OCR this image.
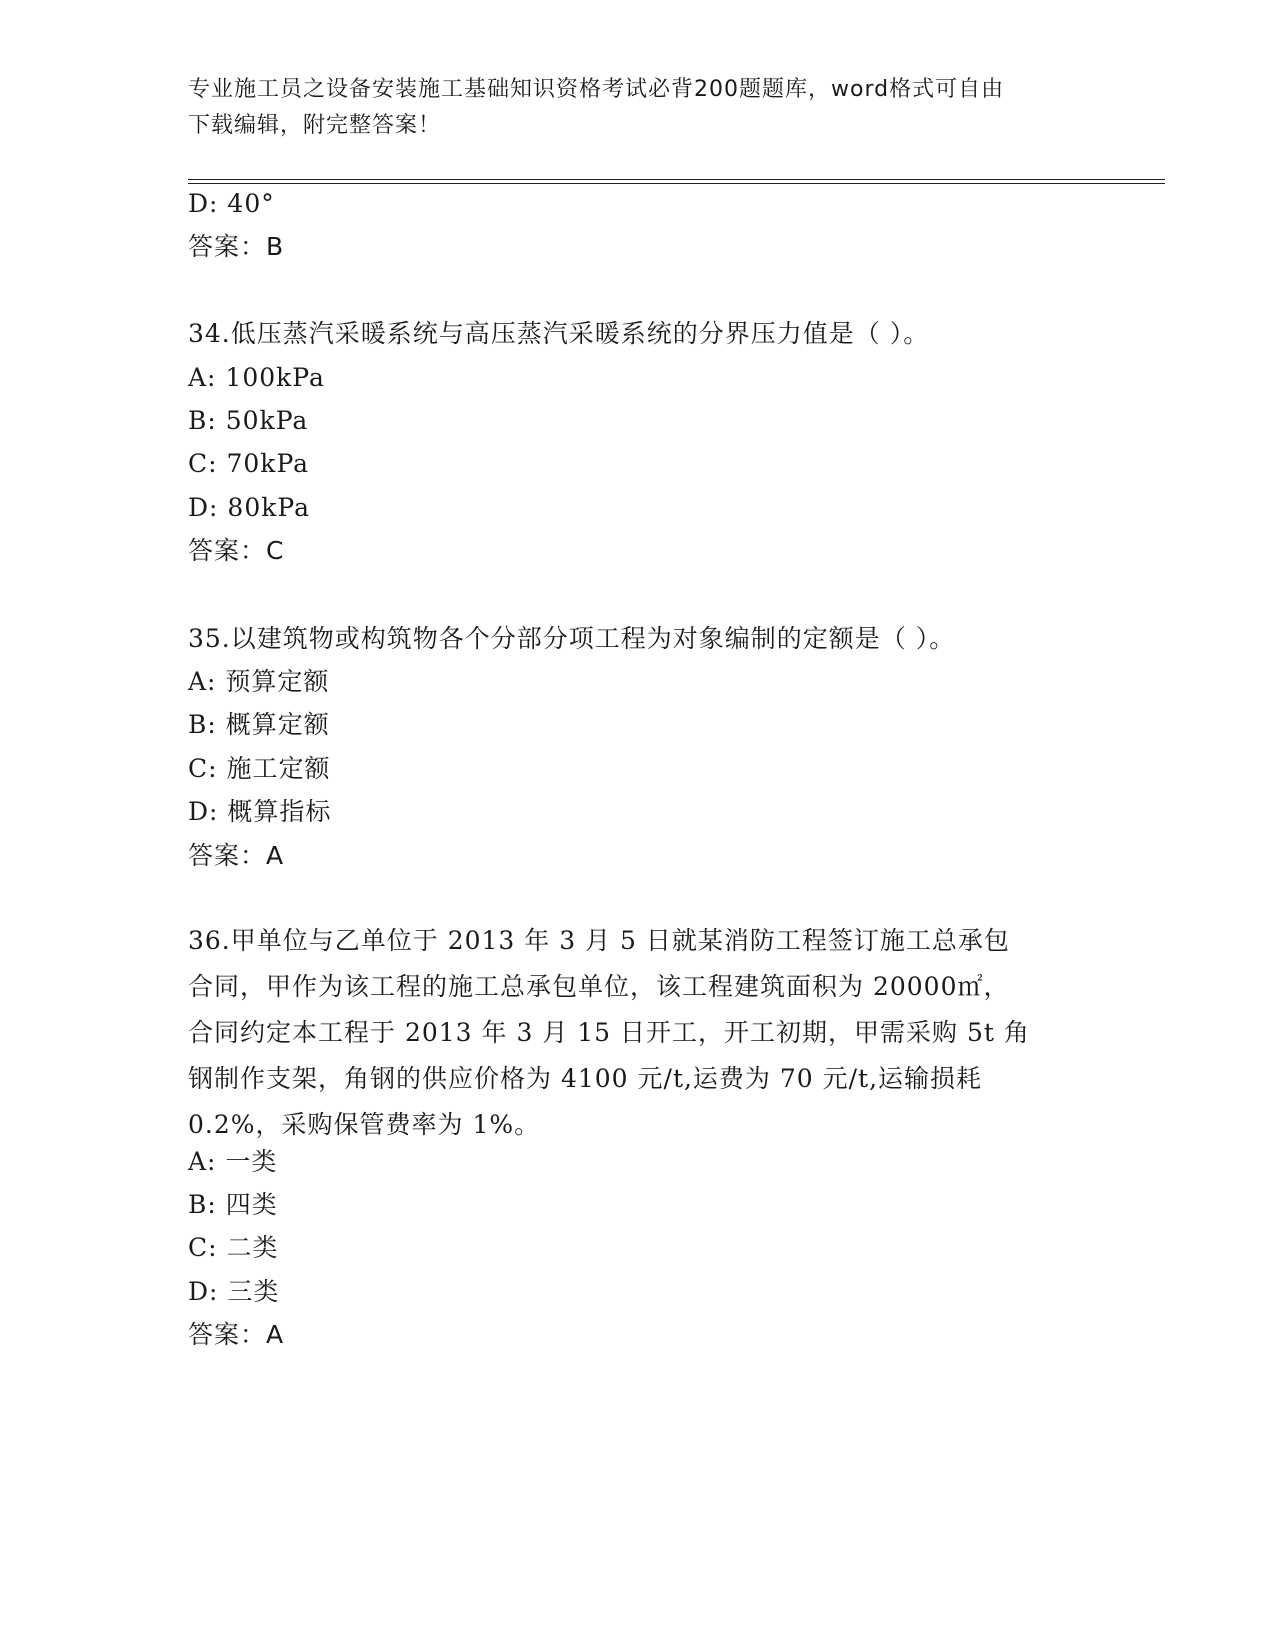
专业施工员之设备安装施工基础知识资格考试必背200题题库，word格式可自由
下载编辑，附完整答案！
D: 40°
答案：B
34.低压蒸汽采暖系统与高压蒸汽采暖系统的分界压力值是（ ）。
A: 100kPa
B: 50kPa
C: 70kPa
D: 80kPa
答案：C
35.以建筑物或构筑物各个分部分项工程为对象编制的定额是（ ）。
A: 预算定额
B: 概算定额
C: 施工定额
D: 概算指标
答案：A
36.甲单位与乙单位于 2013 年 3 月 5 日就某消防工程签订施工总承包
合同，甲作为该工程的施工总承包单位，该工程建筑面积为 20000㎡，
合同约定本工程于 2013 年 3 月 15 日开工，开工初期，甲需采购 5t 角
钢制作支架，角钢的供应价格为 4100 元/t,运费为 70 元/t,运输损耗
0.2%，采购保管费率为 1%。
A: 一类
B: 四类
C: 二类
D: 三类
答案：A
